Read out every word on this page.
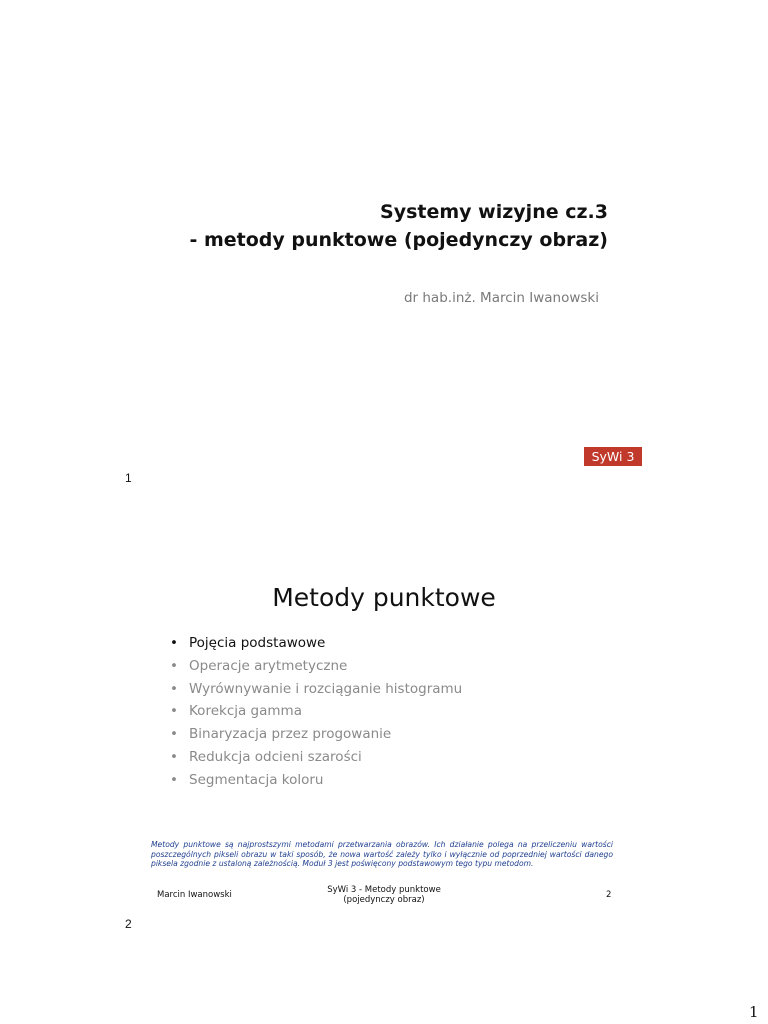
Systemy wizyjne cz.3
- metody punktowe (pojedynczy obraz)
dr hab.inż. Marcin Iwanowski
SyWi 3
1
Metody punktowe
• Pojęcia podstawowe
• Operacje arytmetyczne
• Wyrównywanie i rozciąganie histogramu
• Korekcja gamma
• Binaryzacja przez progowanie
• Redukcja odcieni szarości
• Segmentacja koloru
Metody punktowe są najprostszymi metodami przetwarzania obrazów. Ich działanie polega na przeliczeniu wartości poszczególnych pikseli obrazu w taki sposób, że nowa wartość zależy tylko i wyłącznie od poprzedniej wartości danego piksela zgodnie z ustaloną zależnością. Moduł 3 jest poświęcony podstawowym tego typu metodom.
Marcin Iwanowski	SyWi 3 - Metody punktowe
(pojedynczy obraz)	2
2
1
